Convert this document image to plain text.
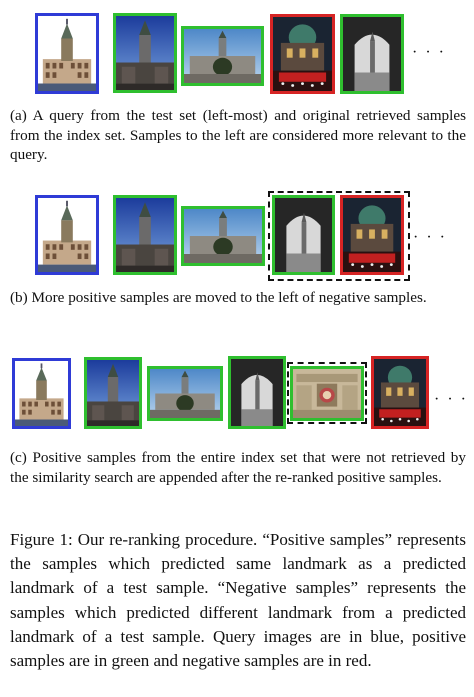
· · ·

(a) A query from the test set (left-most) and original retrieved samples from the index set. Samples to the left are considered more relevant to the query.

· · ·

(b) More positive samples are moved to the left of negative samples.

· · ·

(c) Positive samples from the entire index set that were not retrieved by the similarity search are appended after the re-ranked positive samples.

Figure 1: Our re-ranking procedure. “Positive samples” represents the samples which predicted same landmark as a predicted landmark of a test sample. “Negative samples” represents the samples which predicted different landmark from a predicted landmark of a test sample. Query images are in blue, positive samples are in green and negative samples are in red.
